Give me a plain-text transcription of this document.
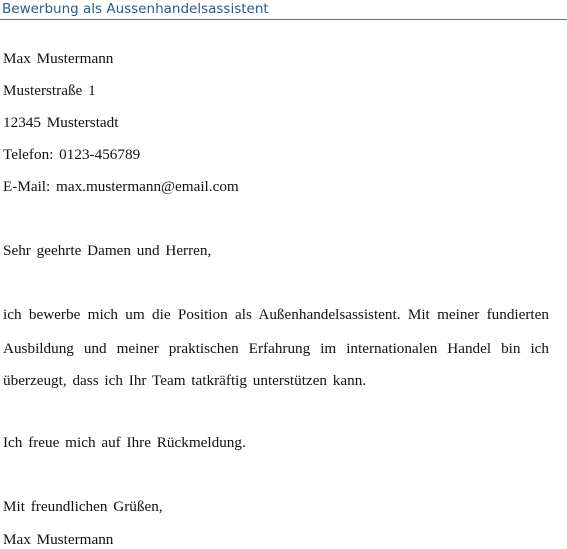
Bewerbung als Aussenhandelsassistent
Max Mustermann
Musterstraße 1
12345 Musterstadt
Telefon: 0123-456789
E-Mail: max.mustermann@email.com
Sehr geehrte Damen und Herren,
ich bewerbe mich um die Position als Außenhandelsassistent. Mit meiner fundierten
Ausbildung und meiner praktischen Erfahrung im internationalen Handel bin ich
überzeugt, dass ich Ihr Team tatkräftig unterstützen kann.
Ich freue mich auf Ihre Rückmeldung.
Mit freundlichen Grüßen,
Max Mustermann
